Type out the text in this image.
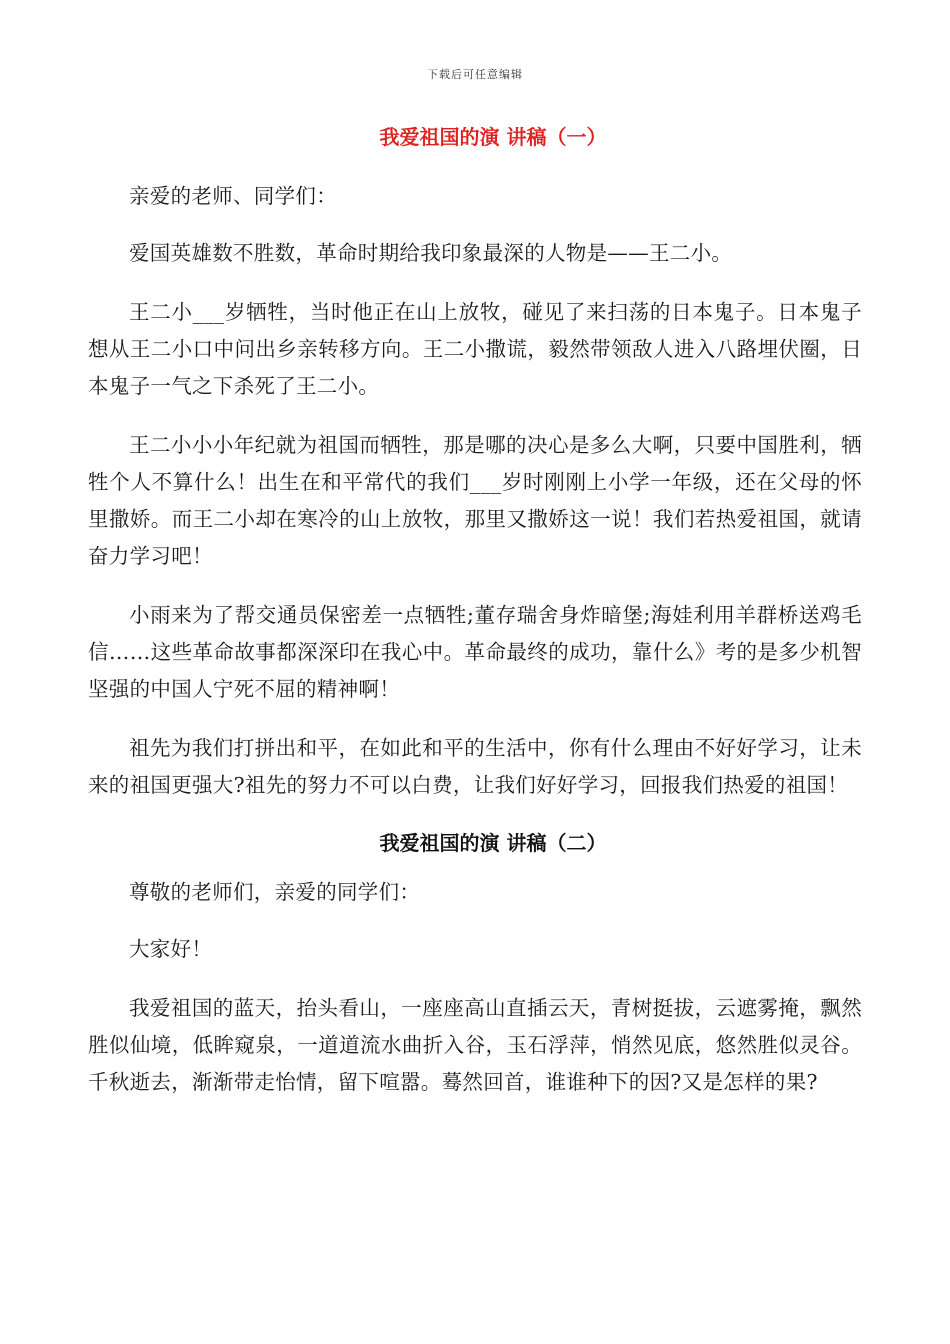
下载后可任意编辑
我爱祖国的演 讲稿（一）

亲爱的老师、同学们：

爱国英雄数不胜数，革命时期给我印象最深的人物是——王二小。

王二小___岁牺牲，当时他正在山上放牧，碰见了来扫荡的日本鬼子。日本鬼子想从王二小口中问出乡亲转移方向。王二小撒谎，毅然带领敌人进入八路埋伏圈，日本鬼子一气之下杀死了王二小。

王二小小小年纪就为祖国而牺牲，那是哪的决心是多么大啊，只要中国胜利，牺牲个人不算什么！出生在和平常代的我们___岁时刚刚上小学一年级，还在父母的怀里撒娇。而王二小却在寒冷的山上放牧，那里又撒娇这一说！我们若热爱祖国，就请奋力学习吧！

小雨来为了帮交通员保密差一点牺牲;董存瑞舍身炸暗堡;海娃利用羊群桥送鸡毛信……这些革命故事都深深印在我心中。革命最终的成功，靠什么》考的是多少机智坚强的中国人宁死不屈的精神啊！

祖先为我们打拼出和平，在如此和平的生活中，你有什么理由不好好学习，让未来的祖国更强大?祖先的努力不可以白费，让我们好好学习，回报我们热爱的祖国！

我爱祖国的演 讲稿（二）

尊敬的老师们，亲爱的同学们：

大家好！

我爱祖国的蓝天，抬头看山，一座座高山直插云天，青树挺拔，云遮雾掩，飘然胜似仙境，低眸窥泉，一道道流水曲折入谷，玉石浮萍，悄然见底，悠然胜似灵谷。千秋逝去，渐渐带走怡情，留下喧嚣。蓦然回首，谁谁种下的因?又是怎样的果?
